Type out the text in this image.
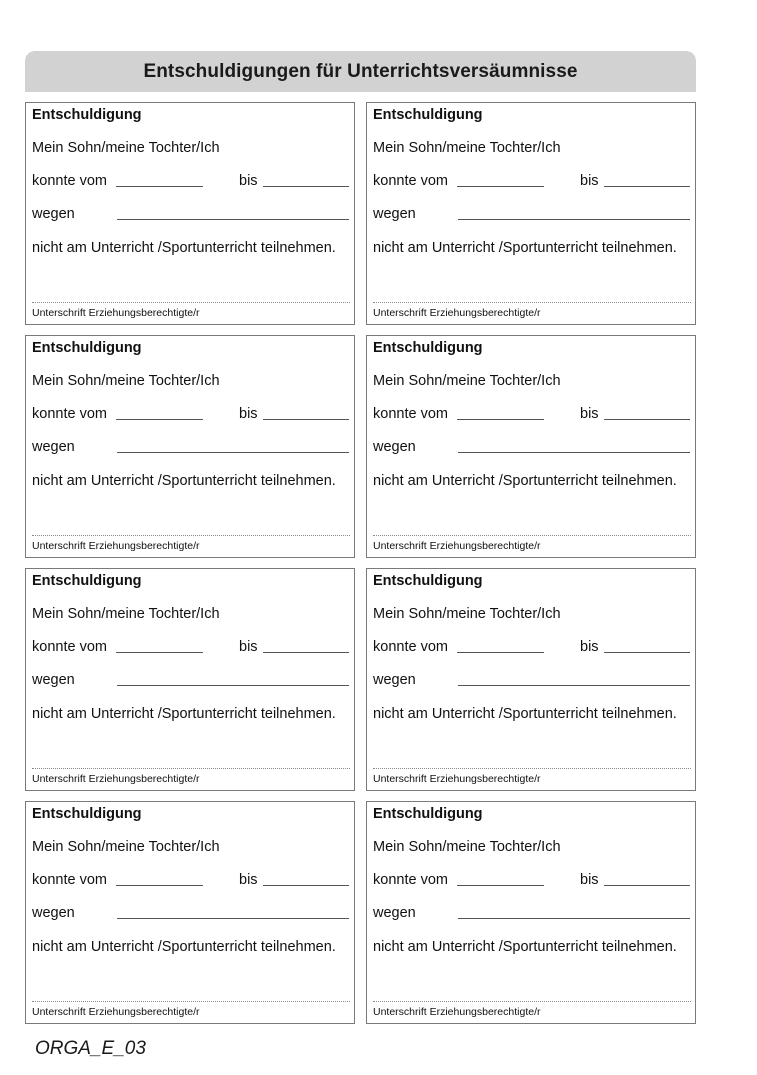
Entschuldigungen für Unterrichtsversäumnisse
Entschuldigung
Mein Sohn/meine Tochter/Ich
konnte vom	bis
wegen
nicht am Unterricht /Sportunterricht teilnehmen.
Unterschrift Erziehungsberechtigte/r
Entschuldigung
Mein Sohn/meine Tochter/Ich
konnte vom	bis
wegen
nicht am Unterricht /Sportunterricht teilnehmen.
Unterschrift Erziehungsberechtigte/r
Entschuldigung
Mein Sohn/meine Tochter/Ich
konnte vom	bis
wegen
nicht am Unterricht /Sportunterricht teilnehmen.
Unterschrift Erziehungsberechtigte/r
Entschuldigung
Mein Sohn/meine Tochter/Ich
konnte vom	bis
wegen
nicht am Unterricht /Sportunterricht teilnehmen.
Unterschrift Erziehungsberechtigte/r
Entschuldigung
Mein Sohn/meine Tochter/Ich
konnte vom	bis
wegen
nicht am Unterricht /Sportunterricht teilnehmen.
Unterschrift Erziehungsberechtigte/r
Entschuldigung
Mein Sohn/meine Tochter/Ich
konnte vom	bis
wegen
nicht am Unterricht /Sportunterricht teilnehmen.
Unterschrift Erziehungsberechtigte/r
Entschuldigung
Mein Sohn/meine Tochter/Ich
konnte vom	bis
wegen
nicht am Unterricht /Sportunterricht teilnehmen.
Unterschrift Erziehungsberechtigte/r
Entschuldigung
Mein Sohn/meine Tochter/Ich
konnte vom	bis
wegen
nicht am Unterricht /Sportunterricht teilnehmen.
Unterschrift Erziehungsberechtigte/r
ORGA_E_03
